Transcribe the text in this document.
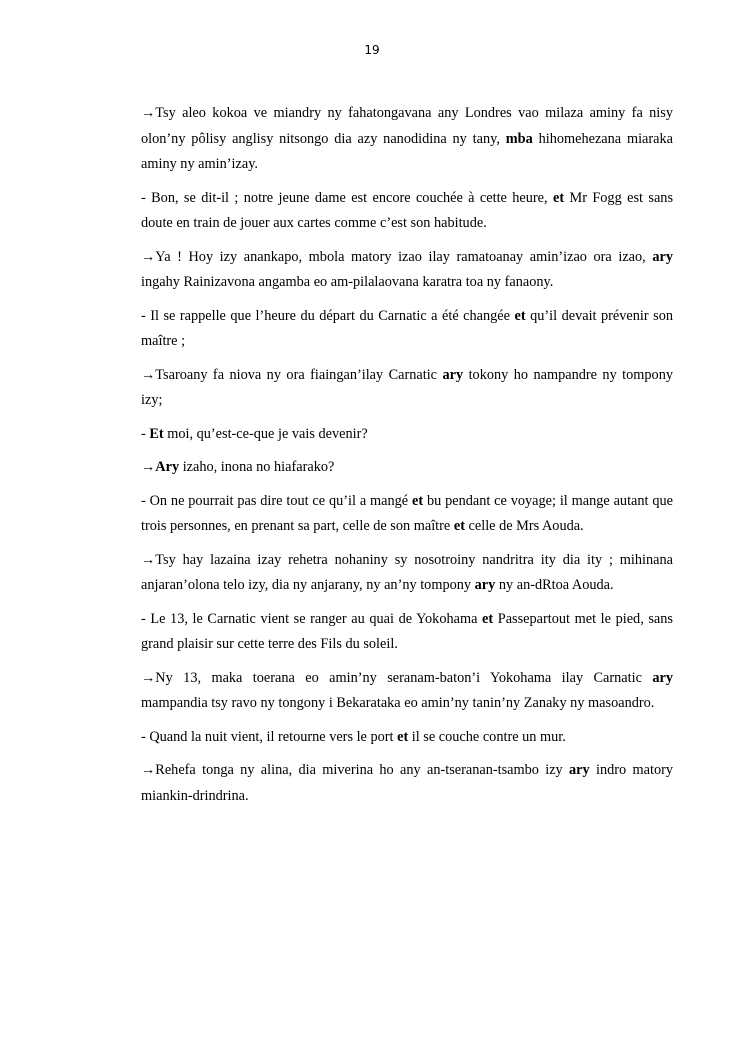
19

→Tsy aleo kokoa ve miandry ny fahatongavana any Londres vao milaza aminy fa nisy olon’ny pôlisy anglisy nitsongo dia azy nanodidina ny tany, mba hihomehezana miaraka aminy ny amin’izay.

- Bon, se dit-il ; notre jeune dame est encore couchée à cette heure, et Mr Fogg est sans doute en train de jouer aux cartes comme c’est son habitude.

→Ya ! Hoy izy anankapo, mbola matory izao ilay ramatoanay amin’izao ora izao, ary ingahy Rainizavona angamba eo am-pilalaovana karatra toa ny fanaony.

- Il se rappelle que l’heure du départ du Carnatic a été changée et qu’il devait prévenir son maître ;

→Tsaroany fa niova ny ora fiaingan’ilay Carnatic ary tokony ho nampandre ny tompony izy;

- Et moi, qu’est-ce-que je vais devenir?

→Ary izaho, inona no hiafarako?

- On ne pourrait pas dire tout ce qu’il a mangé et bu pendant ce voyage; il mange autant que trois personnes, en prenant sa part, celle de son maître et celle de Mrs Aouda.

→Tsy hay lazaina izay rehetra nohaniny sy nosotroiny nandritra ity dia ity ; mihinana anjaran’olona telo izy, dia ny anjarany, ny an’ny tompony ary ny an-dRtoa Aouda.

- Le 13, le Carnatic vient se ranger au quai de Yokohama et Passepartout met le pied, sans grand plaisir sur cette terre des Fils du soleil.

→Ny 13, maka toerana eo amin’ny seranam-baton’i Yokohama ilay Carnatic ary mampandia tsy ravo ny tongony i Bekarataka eo amin’ny tanin’ny Zanaky ny masoandro.

- Quand la nuit vient, il retourne vers le port et il se couche contre un mur.

→Rehefa tonga ny alina, dia miverina ho any an-tseranan-tsambo izy ary indro matory miankin-drindrina.
